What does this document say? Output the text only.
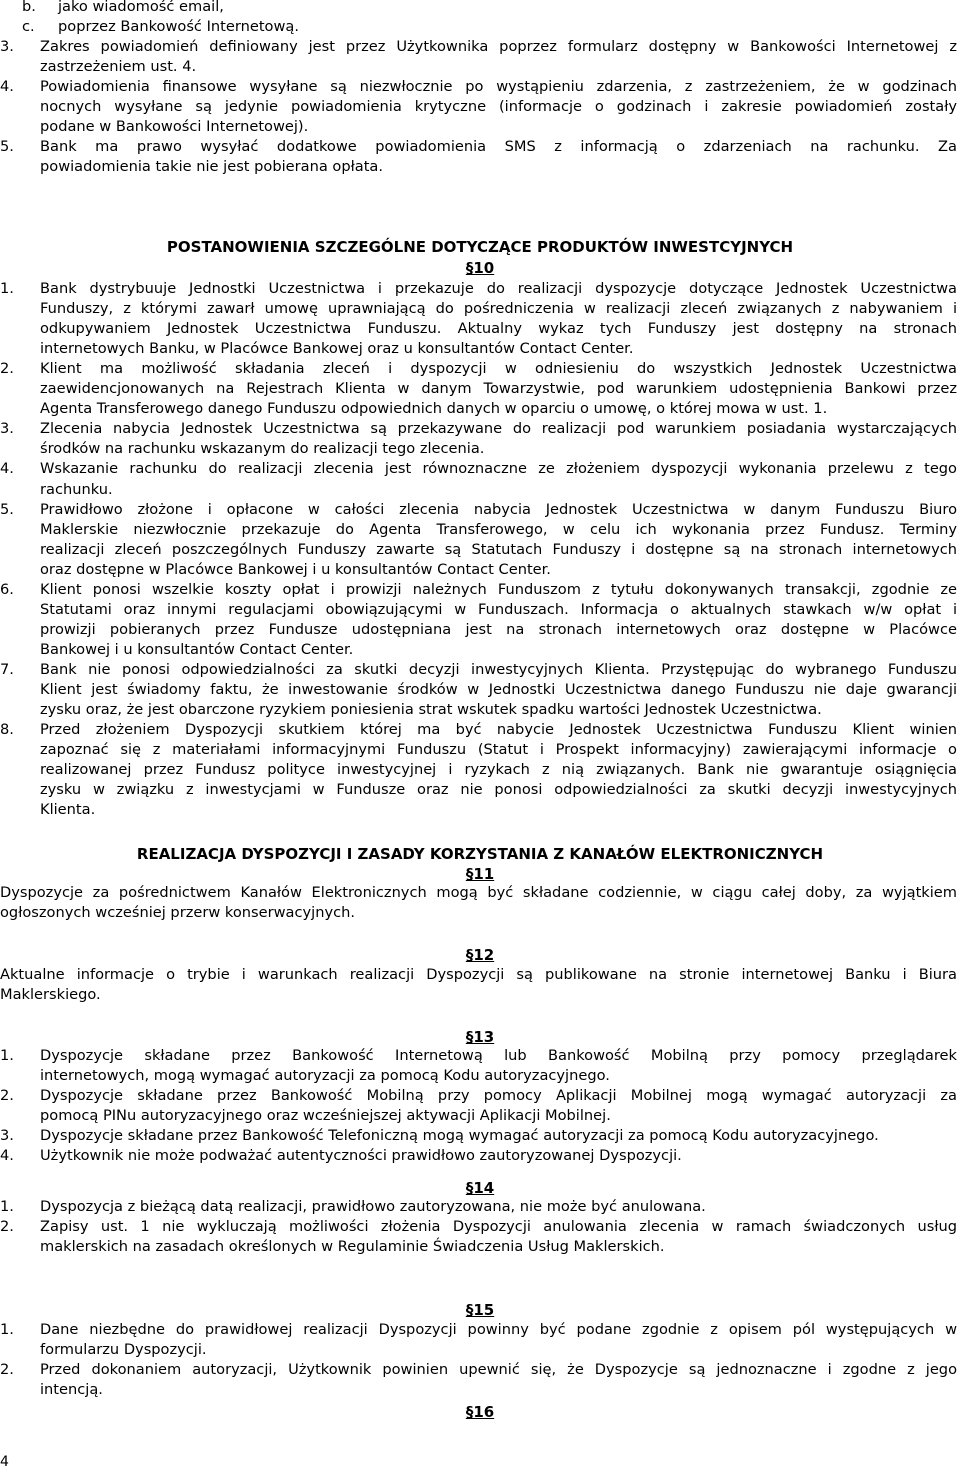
b. jako wiadomość email,
c. poprzez Bankowość Internetową.
3. Zakres powiadomień definiowany jest przez Użytkownika poprzez formularz dostępny w Bankowości Internetowej z
zastrzeżeniem ust. 4.
4. Powiadomienia finansowe wysyłane są niezwłocznie po wystąpieniu zdarzenia, z zastrzeżeniem, że w godzinach
nocnych wysyłane są jedynie powiadomienia krytyczne (informacje o godzinach i zakresie powiadomień zostały
podane w Bankowości Internetowej).
5. Bank ma prawo wysyłać dodatkowe powiadomienia SMS z informacją o zdarzeniach na rachunku. Za
powiadomienia takie nie jest pobierana opłata.
POSTANOWIENIA SZCZEGÓLNE DOTYCZĄCE PRODUKTÓW INWESTCYJNYCH
§10
1. Bank dystrybuuje Jednostki Uczestnictwa i przekazuje do realizacji dyspozycje dotyczące Jednostek Uczestnictwa
Funduszy, z którymi zawarł umowę uprawniającą do pośredniczenia w realizacji zleceń związanych z nabywaniem i
odkupywaniem Jednostek Uczestnictwa Funduszu. Aktualny wykaz tych Funduszy jest dostępny na stronach
internetowych Banku, w Placówce Bankowej oraz u konsultantów Contact Center.
2. Klient ma możliwość składania zleceń i dyspozycji w odniesieniu do wszystkich Jednostek Uczestnictwa
zaewidencjonowanych na Rejestrach Klienta w danym Towarzystwie, pod warunkiem udostępnienia Bankowi przez
Agenta Transferowego danego Funduszu odpowiednich danych w oparciu o umowę, o której mowa w ust. 1.
3. Zlecenia nabycia Jednostek Uczestnictwa są przekazywane do realizacji pod warunkiem posiadania wystarczających
środków na rachunku wskazanym do realizacji tego zlecenia.
4. Wskazanie rachunku do realizacji zlecenia jest równoznaczne ze złożeniem dyspozycji wykonania przelewu z tego
rachunku.
5. Prawidłowo złożone i opłacone w całości zlecenia nabycia Jednostek Uczestnictwa w danym Funduszu Biuro
Maklerskie niezwłocznie przekazuje do Agenta Transferowego, w celu ich wykonania przez Fundusz. Terminy
realizacji zleceń poszczególnych Funduszy zawarte są Statutach Funduszy i dostępne są na stronach internetowych
oraz dostępne w Placówce Bankowej i u konsultantów Contact Center.
6. Klient ponosi wszelkie koszty opłat i prowizji należnych Funduszom z tytułu dokonywanych transakcji, zgodnie ze
Statutami oraz innymi regulacjami obowiązującymi w Funduszach. Informacja o aktualnych stawkach w/w opłat i
prowizji pobieranych przez Fundusze udostępniana jest na stronach internetowych oraz dostępne w Placówce
Bankowej i u konsultantów Contact Center.
7. Bank nie ponosi odpowiedzialności za skutki decyzji inwestycyjnych Klienta. Przystępując do wybranego Funduszu
Klient jest świadomy faktu, że inwestowanie środków w Jednostki Uczestnictwa danego Funduszu nie daje gwarancji
zysku oraz, że jest obarczone ryzykiem poniesienia strat wskutek spadku wartości Jednostek Uczestnictwa.
8. Przed złożeniem Dyspozycji skutkiem której ma być nabycie Jednostek Uczestnictwa Funduszu Klient winien
zapoznać się z materiałami informacyjnymi Funduszu (Statut i Prospekt informacyjny) zawierającymi informacje o
realizowanej przez Fundusz polityce inwestycyjnej i ryzykach z nią związanych. Bank nie gwarantuje osiągnięcia
zysku w związku z inwestycjami w Fundusze oraz nie ponosi odpowiedzialności za skutki decyzji inwestycyjnych
Klienta.
REALIZACJA DYSPOZYCJI I ZASADY KORZYSTANIA Z KANAŁÓW ELEKTRONICZNYCH
§11
Dyspozycje za pośrednictwem Kanałów Elektronicznych mogą być składane codziennie, w ciągu całej doby, za wyjątkiem
ogłoszonych wcześniej przerw konserwacyjnych.
§12
Aktualne informacje o trybie i warunkach realizacji Dyspozycji są publikowane na stronie internetowej Banku i Biura
Maklerskiego.
§13
1. Dyspozycje składane przez Bankowość Internetową lub Bankowość Mobilną przy pomocy przeglądarek
internetowych, mogą wymagać autoryzacji za pomocą Kodu autoryzacyjnego.
2. Dyspozycje składane przez Bankowość Mobilną przy pomocy Aplikacji Mobilnej mogą wymagać autoryzacji za
pomocą PINu autoryzacyjnego oraz wcześniejszej aktywacji Aplikacji Mobilnej.
3. Dyspozycje składane przez Bankowość Telefoniczną mogą wymagać autoryzacji za pomocą Kodu autoryzacyjnego.
4. Użytkownik nie może podważać autentyczności prawidłowo zautoryzowanej Dyspozycji.
§14
1. Dyspozycja z bieżącą datą realizacji, prawidłowo zautoryzowana, nie może być anulowana.
2. Zapisy ust. 1 nie wykluczają możliwości złożenia Dyspozycji anulowania zlecenia w ramach świadczonych usług
maklerskich na zasadach określonych w Regulaminie Świadczenia Usług Maklerskich.
§15
1. Dane niezbędne do prawidłowej realizacji Dyspozycji powinny być podane zgodnie z opisem pól występujących w
formularzu Dyspozycji.
2. Przed dokonaniem autoryzacji, Użytkownik powinien upewnić się, że Dyspozycje są jednoznaczne i zgodne z jego
intencją.
§16
4
